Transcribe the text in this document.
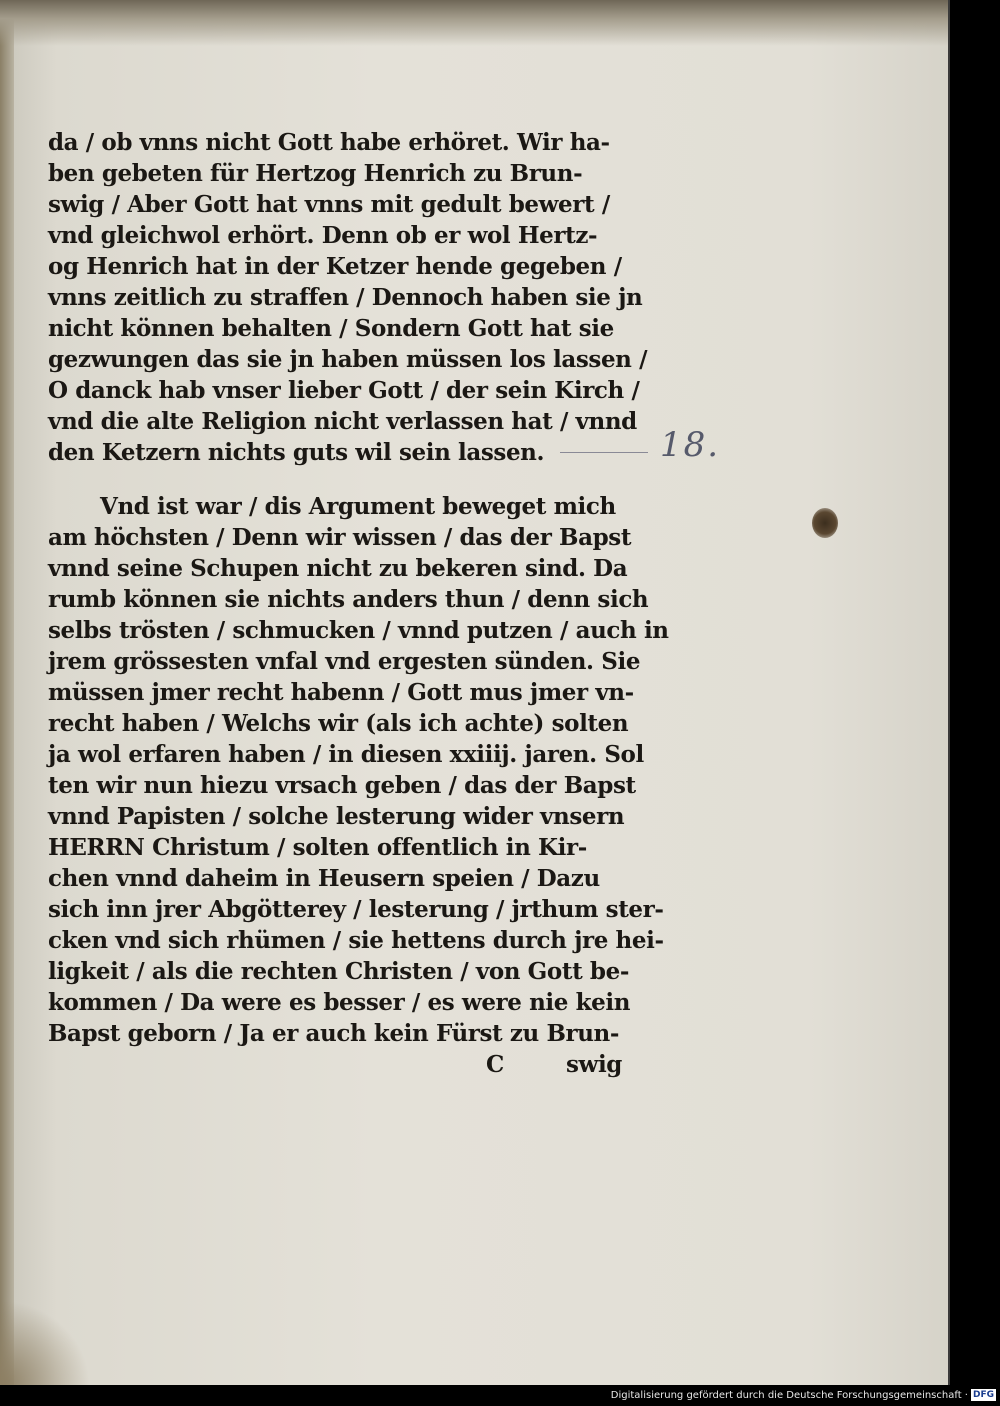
da / ob vnns nicht Gott habe erhöret. Wir ha-
ben gebeten für Hertzog Henrich zu Brun-
swig / Aber Gott hat vnns mit gedult bewert /
vnd gleichwol erhört. Denn ob er wol Hertz-
og Henrich hat in der Ketzer hende gegeben /
vnns zeitlich zu straffen / Dennoch haben sie jn
nicht können behalten / Sondern Gott hat sie
gezwungen das sie jn haben müssen los lassen /
O danck hab vnser lieber Gott / der sein Kirch /
vnd die alte Religion nicht verlassen hat / vnnd
den Ketzern nichts guts wil sein lassen.
Vnd ist war / dis Argument beweget mich
am höchsten / Denn wir wissen / das der Bapst
vnnd seine Schupen nicht zu bekeren sind. Da
rumb können sie nichts anders thun / denn sich
selbs trösten / schmucken / vnnd putzen / auch in
jrem grössesten vnfal vnd ergesten sünden. Sie
müssen jmer recht habenn / Gott mus jmer vn-
recht haben / Welchs wir (als ich achte) solten
ja wol erfaren haben / in diesen xxiiij. jaren. Sol
ten wir nun hiezu vrsach geben / das der Bapst
vnnd Papisten / solche lesterung wider vnsern
HERRN Christum / solten offentlich in Kir-
chen vnnd daheim in Heusern speien / Dazu
sich inn jrer Abgötterey / lesterung / jrthum ster-
cken vnd sich rhümen / sie hettens durch jre hei-
ligkeit / als die rechten Christen / von Gott be-
kommen / Da were es besser / es were nie kein
Bapst geborn / Ja er auch kein Fürst zu Brun-
C	swig
18.
Digitalisierung gefördert durch die Deutsche Forschungsgemeinschaft · DFG
